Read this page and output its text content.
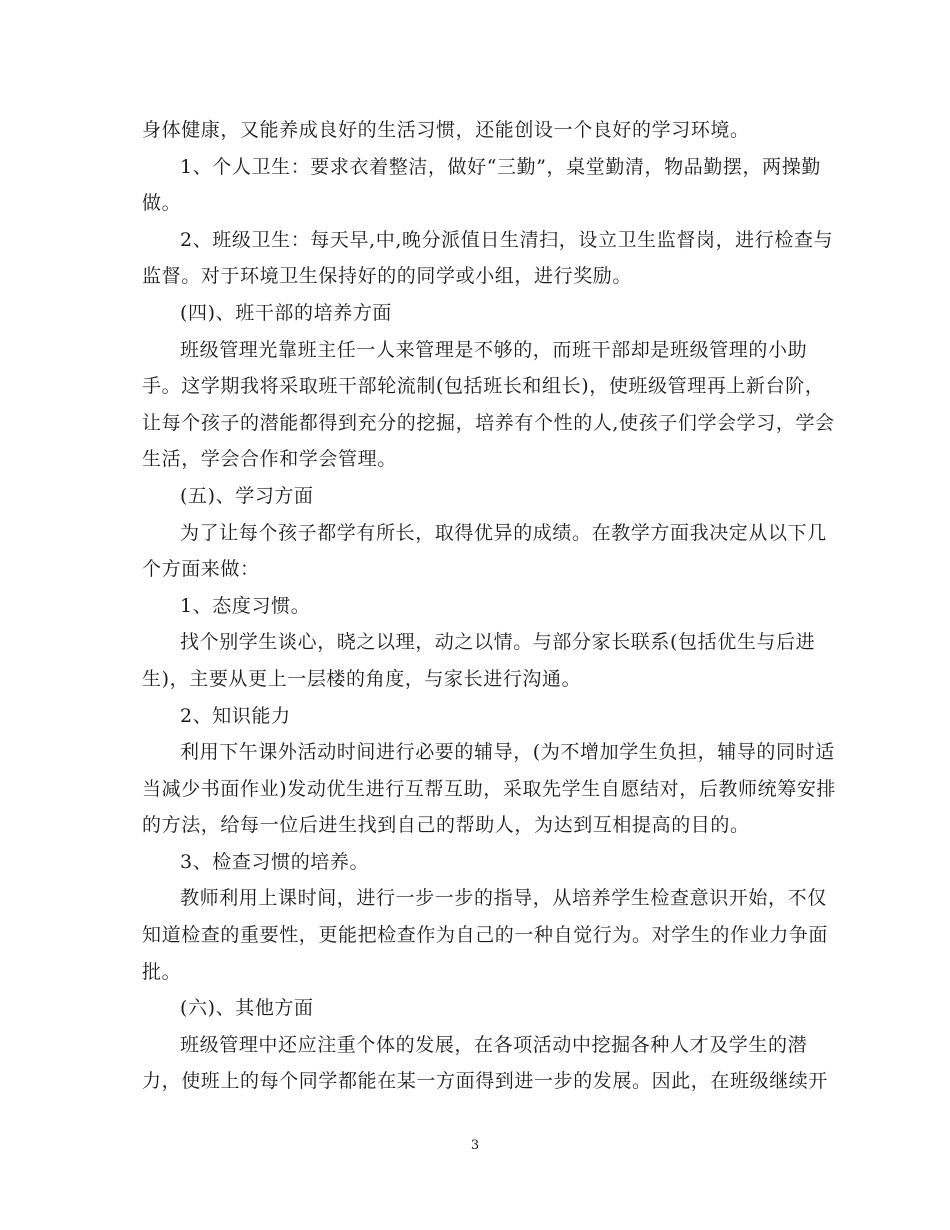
身体健康，又能养成良好的生活习惯，还能创设一个良好的学习环境。
1、个人卫生：要求衣着整洁，做好“三勤”，桌堂勤清，物品勤摆，两操勤
做。
2、班级卫生：每天早,中,晚分派值日生清扫，设立卫生监督岗，进行检查与
监督。对于环境卫生保持好的的同学或小组，进行奖励。
(四)、班干部的培养方面
班级管理光靠班主任一人来管理是不够的，而班干部却是班级管理的小助
手。这学期我将采取班干部轮流制(包括班长和组长)，使班级管理再上新台阶，
让每个孩子的潜能都得到充分的挖掘，培养有个性的人,使孩子们学会学习，学会
生活，学会合作和学会管理。
(五)、学习方面
为了让每个孩子都学有所长，取得优异的成绩。在教学方面我决定从以下几
个方面来做：
1、态度习惯。
找个别学生谈心，晓之以理，动之以情。与部分家长联系(包括优生与后进
生)，主要从更上一层楼的角度，与家长进行沟通。
2、知识能力
利用下午课外活动时间进行必要的辅导，(为不增加学生负担，辅导的同时适
当减少书面作业)发动优生进行互帮互助，采取先学生自愿结对，后教师统筹安排
的方法，给每一位后进生找到自己的帮助人，为达到互相提高的目的。
3、检查习惯的培养。
教师利用上课时间，进行一步一步的指导，从培养学生检查意识开始，不仅
知道检查的重要性，更能把检查作为自己的一种自觉行为。对学生的作业力争面
批。
(六)、其他方面
班级管理中还应注重个体的发展，在各项活动中挖掘各种人才及学生的潜
力，使班上的每个同学都能在某一方面得到进一步的发展。因此，在班级继续开
3
